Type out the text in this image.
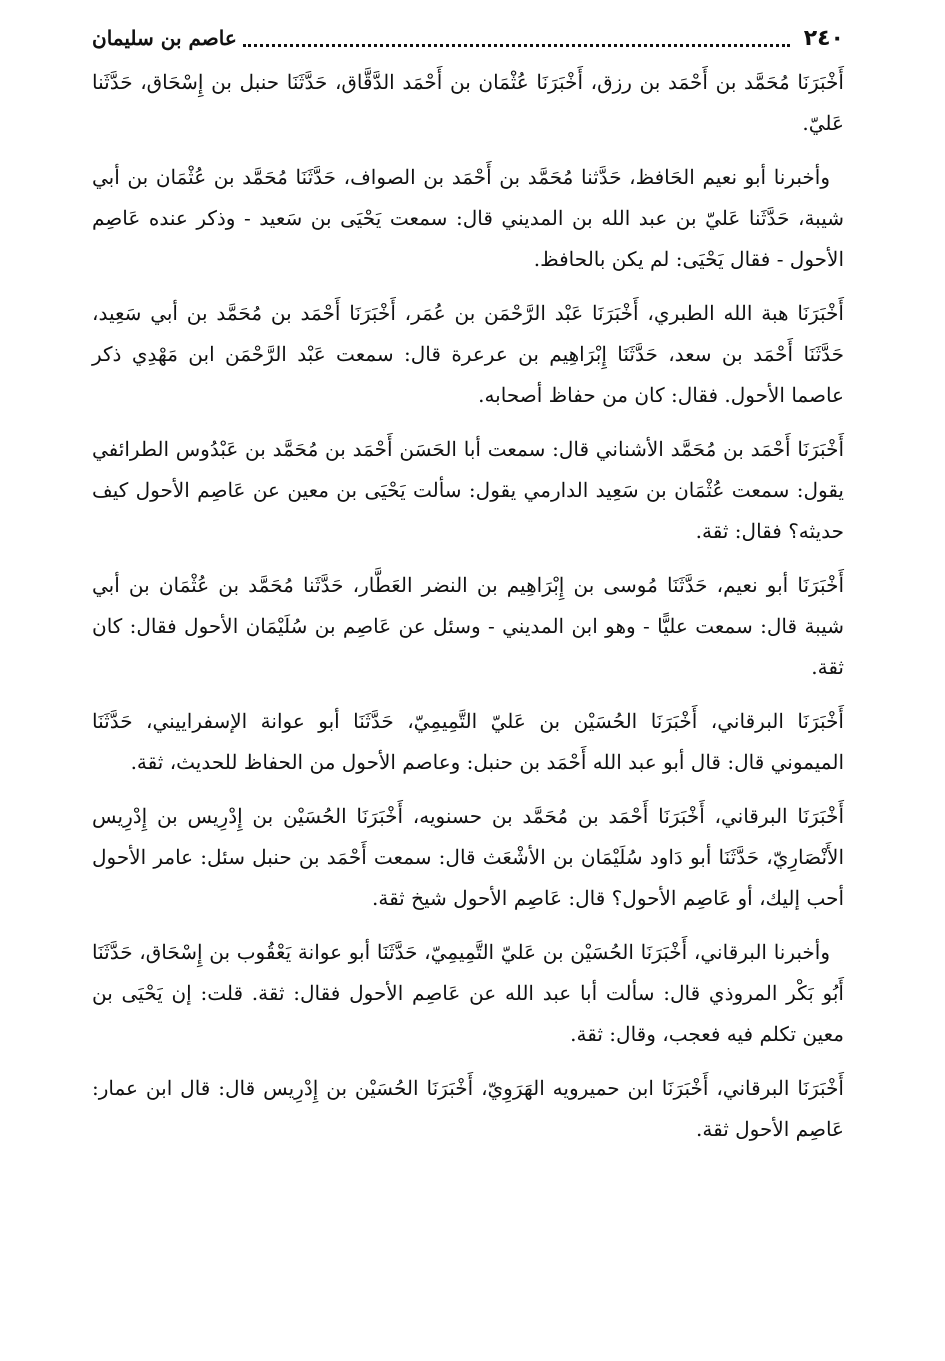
٢٤٠
عاصم بن سليمان

أَخْبَرَنَا مُحَمَّد بن أَحْمَد بن رزق، أَخْبَرَنَا عُثْمَان بن أَحْمَد الدَّقَّاق، حَدَّثَنَا حنبل بن إِسْحَاق، حَدَّثَنا عَليّ.

وأخبرنا أبو نعيم الحَافظ، حَدَّثنا مُحَمَّد بن أَحْمَد بن الصواف، حَدَّثَنَا مُحَمَّد بن عُثْمَان بن أبي شيبة، حَدَّثَنا عَليّ بن عبد الله بن المديني قال: سمعت يَحْيَى بن سَعيد - وذكر عنده عَاصِم الأحول - فقال يَحْيَى: لم يكن بالحافظ.

أَخْبَرَنَا هبة الله الطبري، أَخْبَرَنَا عَبْد الرَّحْمَن بن عُمَر، أَخْبَرَنَا أَحْمَد بن مُحَمَّد بن أبي سَعِيد، حَدَّثَنَا أَحْمَد بن سعد، حَدَّثَنَا إِبْرَاهِيم بن عرعرة قال: سمعت عَبْد الرَّحْمَن ابن مَهْدِي ذكر عاصما الأحول. فقال: كان من حفاظ أصحابه.

أَخْبَرَنَا أَحْمَد بن مُحَمَّد الأشناني قال: سمعت أبا الحَسَن أَحْمَد بن مُحَمَّد بن عَبْدُوس الطرائفي يقول: سمعت عُثْمَان بن سَعِيد الدارمي يقول: سألت يَحْيَى بن معين عن عَاصِم الأحول كيف حديثه؟ فقال: ثقة.

أَخْبَرَنَا أبو نعيم، حَدَّثَنَا مُوسى بن إِبْرَاهِيم بن النضر العَطَّار، حَدَّثَنا مُحَمَّد بن عُثْمَان بن أبي شيبة قال: سمعت عليًّا - وهو ابن المديني - وسئل عن عَاصِم بن سُلَيْمَان الأحول فقال: كان ثقة.

أَخْبَرَنَا البرقاني، أَخْبَرَنَا الحُسَيْن بن عَليّ التَّمِيمِيّ، حَدَّثَنَا أبو عوانة الإسفراييني، حَدَّثَنَا الميموني قال: قال أبو عبد الله أَحْمَد بن حنبل: وعاصم الأحول من الحفاظ للحديث، ثقة.

أَخْبَرَنَا البرقاني، أَخْبَرَنَا أَحْمَد بن مُحَمَّد بن حسنويه، أَخْبَرَنَا الحُسَيْن بن إِدْرِيس بن إِدْرِيس الأَنْصَارِيّ، حَدَّثَنَا أبو دَاود سُلَيْمَان بن الأشْعَث قال: سمعت أَحْمَد بن حنبل سئل: عامر الأحول أحب إليك، أو عَاصِم الأحول؟ قال: عَاصِم الأحول شيخ ثقة.

وأخبرنا البرقاني، أَخْبَرَنَا الحُسَيْن بن عَليّ التَّمِيمِيّ، حَدَّثَنَا أبو عوانة يَعْقُوب بن إِسْحَاق، حَدَّثَنَا أَبُو بَكْر المروذي قال: سألت أبا عبد الله عن عَاصِم الأحول فقال: ثقة. قلت: إن يَحْيَى بن معين تكلم فيه فعجب، وقال: ثقة.

أَخْبَرَنَا البرقاني، أَخْبَرَنَا ابن حميرويه الهَرَوِيّ، أَخْبَرَنَا الحُسَيْن بن إِدْرِيس قال: قال ابن عمار: عَاصِم الأحول ثقة.
